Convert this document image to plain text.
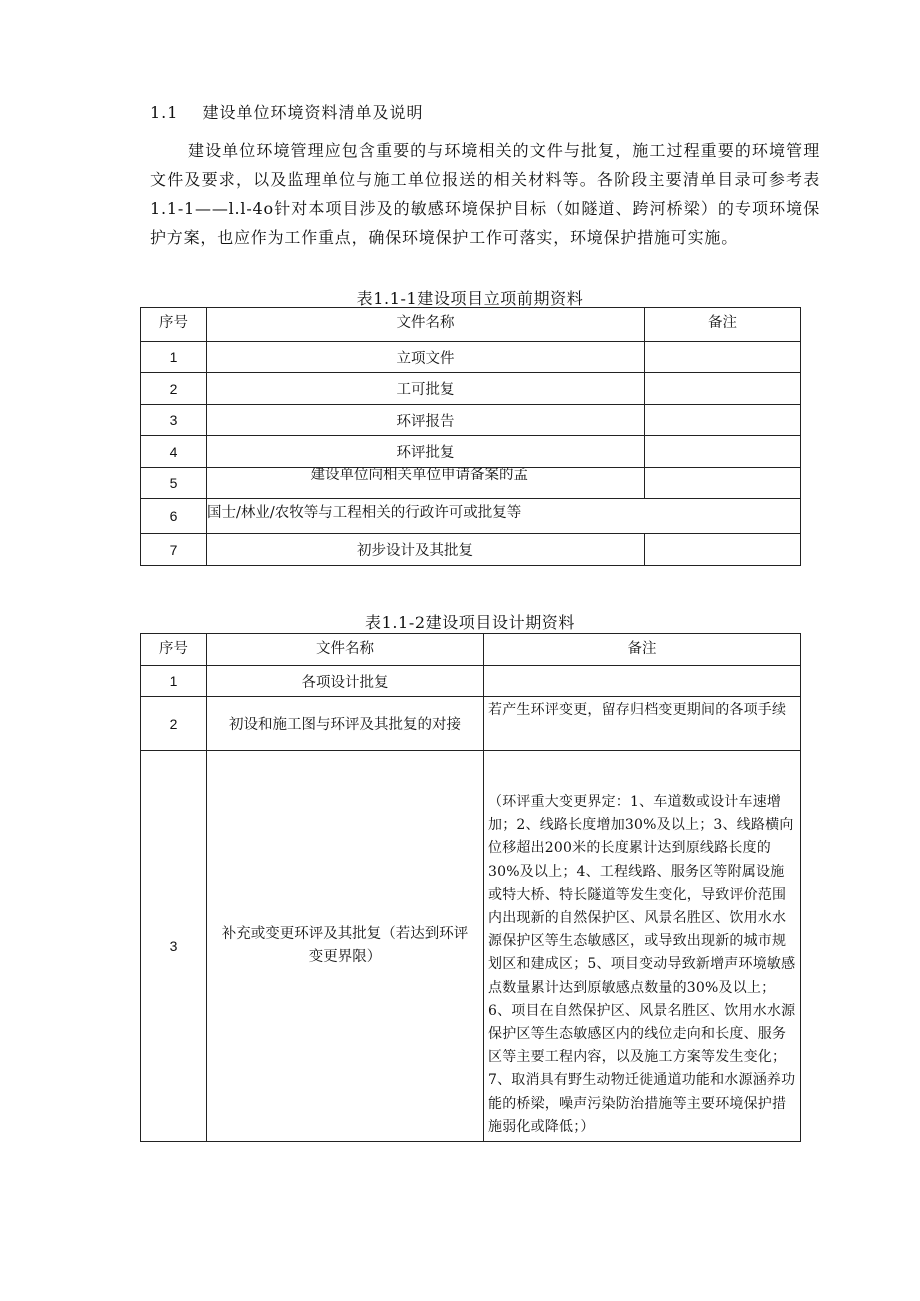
1.1 建设单位环境资料清单及说明

建设单位环境管理应包含重要的与环境相关的文件与批复，施工过程重要的环境管理文件及要求，以及监理单位与施工单位报送的相关材料等。各阶段主要清单目录可参考表1.1-1——l.l-4o针对本项目涉及的敏感环境保护目标（如隧道、跨河桥梁）的专项环境保护方案，也应作为工作重点，确保环境保护工作可落实，环境保护措施可实施。

表1.1-1建设项目立项前期资料
序号	文件名称	备注
1	立项文件	
2	工可批复	
3	环评报告	
4	环评批复	
5	建设单位向相关单位申请备案的孟	

6	国士/林业/农牧等与工程相关的行政许可或批复等	
7	初步设计及其批复	
表1.1-2建设项目设计期资料
序号	文件名称	备注
1	各项设计批复	
2	初设和施工图与环评及其批复的对接	若产生环评变更，留存归档变更期间的各项手续
3	补充或变更环评及其批复（若达到环评变更界限）	（环评重大变更界定：1、车道数或设计车速增加；2、线路长度增加30%及以上；3、线路横向位移超出200米的长度累计达到原线路长度的30%及以上；4、工程线路、服务区等附属设施或特大桥、特长隧道等发生变化，导致评价范围内出现新的自然保护区、风景名胜区、饮用水水源保护区等生态敏感区，或导致出现新的城市规划区和建成区；5、项目变动导致新增声环境敏感点数量累计达到原敏感点数量的30%及以上；6、项目在自然保护区、风景名胜区、饮用水水源保护区等生态敏感区内的线位走向和长度、服务区等主要工程内容，以及施工方案等发生变化；7、取消具有野生动物迁徙通道功能和水源涵养功能的桥梁，噪声污染防治措施等主要环境保护措施弱化或降低；）
